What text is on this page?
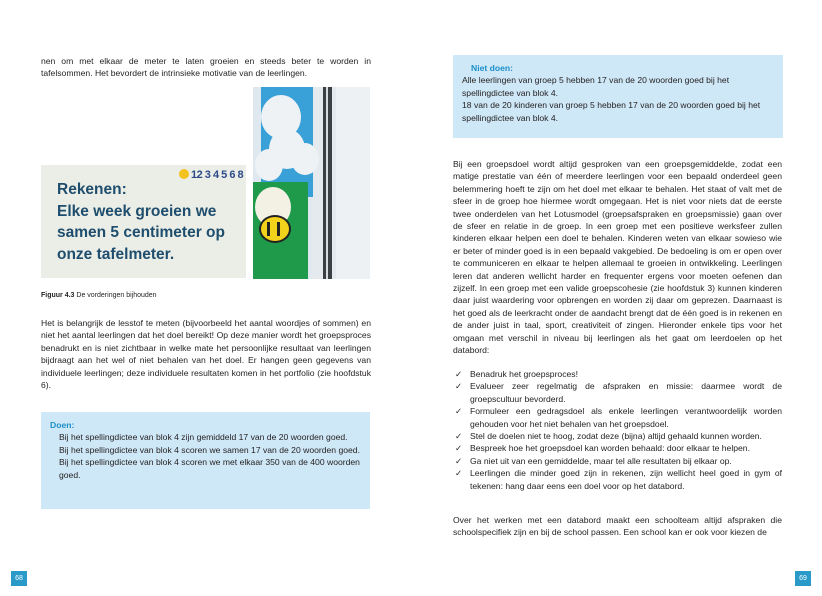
nen om met elkaar de meter te laten groeien en steeds beter te worden in tafelsommen. Het bevordert de intrinsieke motivatie van de leerlingen.

12 3 4 5 6 8
Rekenen:
Elke week groeien we
samen 5 centimeter op
onze tafelmeter.
Figuur 4.3 De vorderingen bijhouden

Het is belangrijk de lesstof te meten (bijvoorbeeld het aantal woordjes of sommen) en niet het aantal leerlingen dat het doel bereikt! Op deze manier wordt het groepsproces benadrukt en is niet zichtbaar in welke mate het persoonlijke resultaat van leerlingen bijdraagt aan het wel of niet behalen van het doel. Er hangen geen gegevens van individuele leerlingen; deze individuele resultaten komen in het portfolio (zie hoofdstuk 6).

Doen:

Bij het spellingdictee van blok 4 zijn gemiddeld 17 van de 20 woorden goed.

Bij het spellingdictee van blok 4 scoren we samen 17 van de 20 woorden goed.

Bij het spellingdictee van blok 4 scoren we met elkaar 350 van de 400 woorden goed.

68
Niet doen:

Alle leerlingen van groep 5 hebben 17 van de 20 woorden goed bij het spellingdictee van blok 4.

18 van de 20 kinderen van groep 5 hebben 17 van de 20 woorden goed bij het spellingdictee van blok 4.

Bij een groepsdoel wordt altijd gesproken van een groepsgemiddelde, zodat een matige prestatie van één of meerdere leerlingen voor een bepaald onderdeel geen belemmering hoeft te zijn om het doel met elkaar te behalen. Het staat of valt met de sfeer in de groep hoe hiermee wordt omgegaan. Het is niet voor niets dat de eerste twee onderdelen van het Lotusmodel (groepsafspraken en groepsmissie) gaan over de sfeer en relatie in de groep. In een groep met een positieve werksfeer zullen kinderen elkaar helpen een doel te behalen. Kinderen weten van elkaar sowieso wie er beter of minder goed is in een bepaald vakgebied. De bedoeling is om er open over te communiceren en elkaar te helpen allemaal te groeien in ontwikkeling. Leerlingen leren dat anderen wellicht harder en frequenter ergens voor moeten oefenen dan zijzelf. In een groep met een valide groepscohesie (zie hoofdstuk 3) kunnen kinderen daar juist waardering voor opbrengen en worden zij daar om geprezen. Daarnaast is het goed als de leerkracht onder de aandacht brengt dat de één goed is in rekenen en de ander juist in taal, sport, creativiteit of zingen. Hieronder enkele tips voor het omgaan met verschil in niveau bij leerlingen als het gaat om leerdoelen op het databord:

✓ Benadruk het groepsproces!
✓ Evalueer zeer regelmatig de afspraken en missie: daarmee wordt de groepscultuur bevorderd.
✓ Formuleer een gedragsdoel als enkele leerlingen verantwoordelijk worden gehouden voor het niet behalen van het groepsdoel.
✓ Stel de doelen niet te hoog, zodat deze (bijna) altijd gehaald kunnen worden.
✓ Bespreek hoe het groepsdoel kan worden behaald: door elkaar te helpen.
✓ Ga niet uit van een gemiddelde, maar tel alle resultaten bij elkaar op.
✓ Leerlingen die minder goed zijn in rekenen, zijn wellicht heel goed in gym of tekenen: hang daar eens een doel voor op het databord.

Over het werken met een databord maakt een schoolteam altijd afspraken die schoolspecifiek zijn en bij de school passen. Een school kan er ook voor kiezen de

69
